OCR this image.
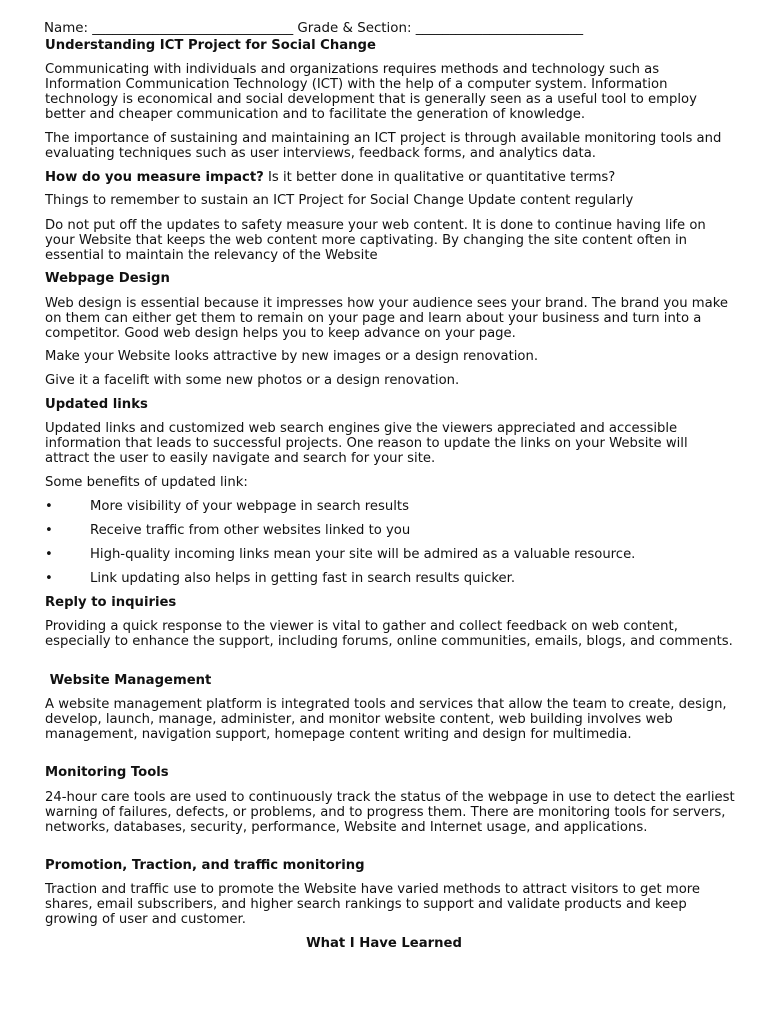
Name: ______________________________ Grade & Section: _________________________
Understanding ICT Project for Social Change
Communicating with individuals and organizations requires methods and technology such as Information Communication Technology (ICT) with the help of a computer system. Information technology is economical and social development that is generally seen as a useful tool to employ better and cheaper communication and to facilitate the generation of knowledge.
The importance of sustaining and maintaining an ICT project is through available monitoring tools and evaluating techniques such as user interviews, feedback forms, and analytics data.
How do you measure impact? Is it better done in qualitative or quantitative terms?
Things to remember to sustain an ICT Project for Social Change Update content regularly
Do not put off the updates to safety measure your web content. It is done to continue having life on your Website that keeps the web content more captivating. By changing the site content often in essential to maintain the relevancy of the Website
Webpage Design
Web design is essential because it impresses how your audience sees your brand. The brand you make on them can either get them to remain on your page and learn about your business and turn into a competitor. Good web design helps you to keep advance on your page.
Make your Website looks attractive by new images or a design renovation.
Give it a facelift with some new photos or a design renovation.
Updated links
Updated links and customized web search engines give the viewers appreciated and accessible information that leads to successful projects. One reason to update the links on your Website will attract the user to easily navigate and search for your site.
Some benefits of updated link:
•	More visibility of your webpage in search results
•	Receive traffic from other websites linked to you
•	High-quality incoming links mean your site will be admired as a valuable resource.
•	Link updating also helps in getting fast in search results quicker.
Reply to inquiries
Providing a quick response to the viewer is vital to gather and collect feedback on web content, especially to enhance the support, including forums, online communities, emails, blogs, and comments.
Website Management
A website management platform is integrated tools and services that allow the team to create, design, develop, launch, manage, administer, and monitor website content, web building involves web management, navigation support, homepage content writing and design for multimedia.
Monitoring Tools
24-hour care tools are used to continuously track the status of the webpage in use to detect the earliest warning of failures, defects, or problems, and to progress them. There are monitoring tools for servers, networks, databases, security, performance, Website and Internet usage, and applications.
Promotion, Traction, and traffic monitoring
Traction and traffic use to promote the Website have varied methods to attract visitors to get more shares, email subscribers, and higher search rankings to support and validate products and keep growing of user and customer.
What I Have Learned
